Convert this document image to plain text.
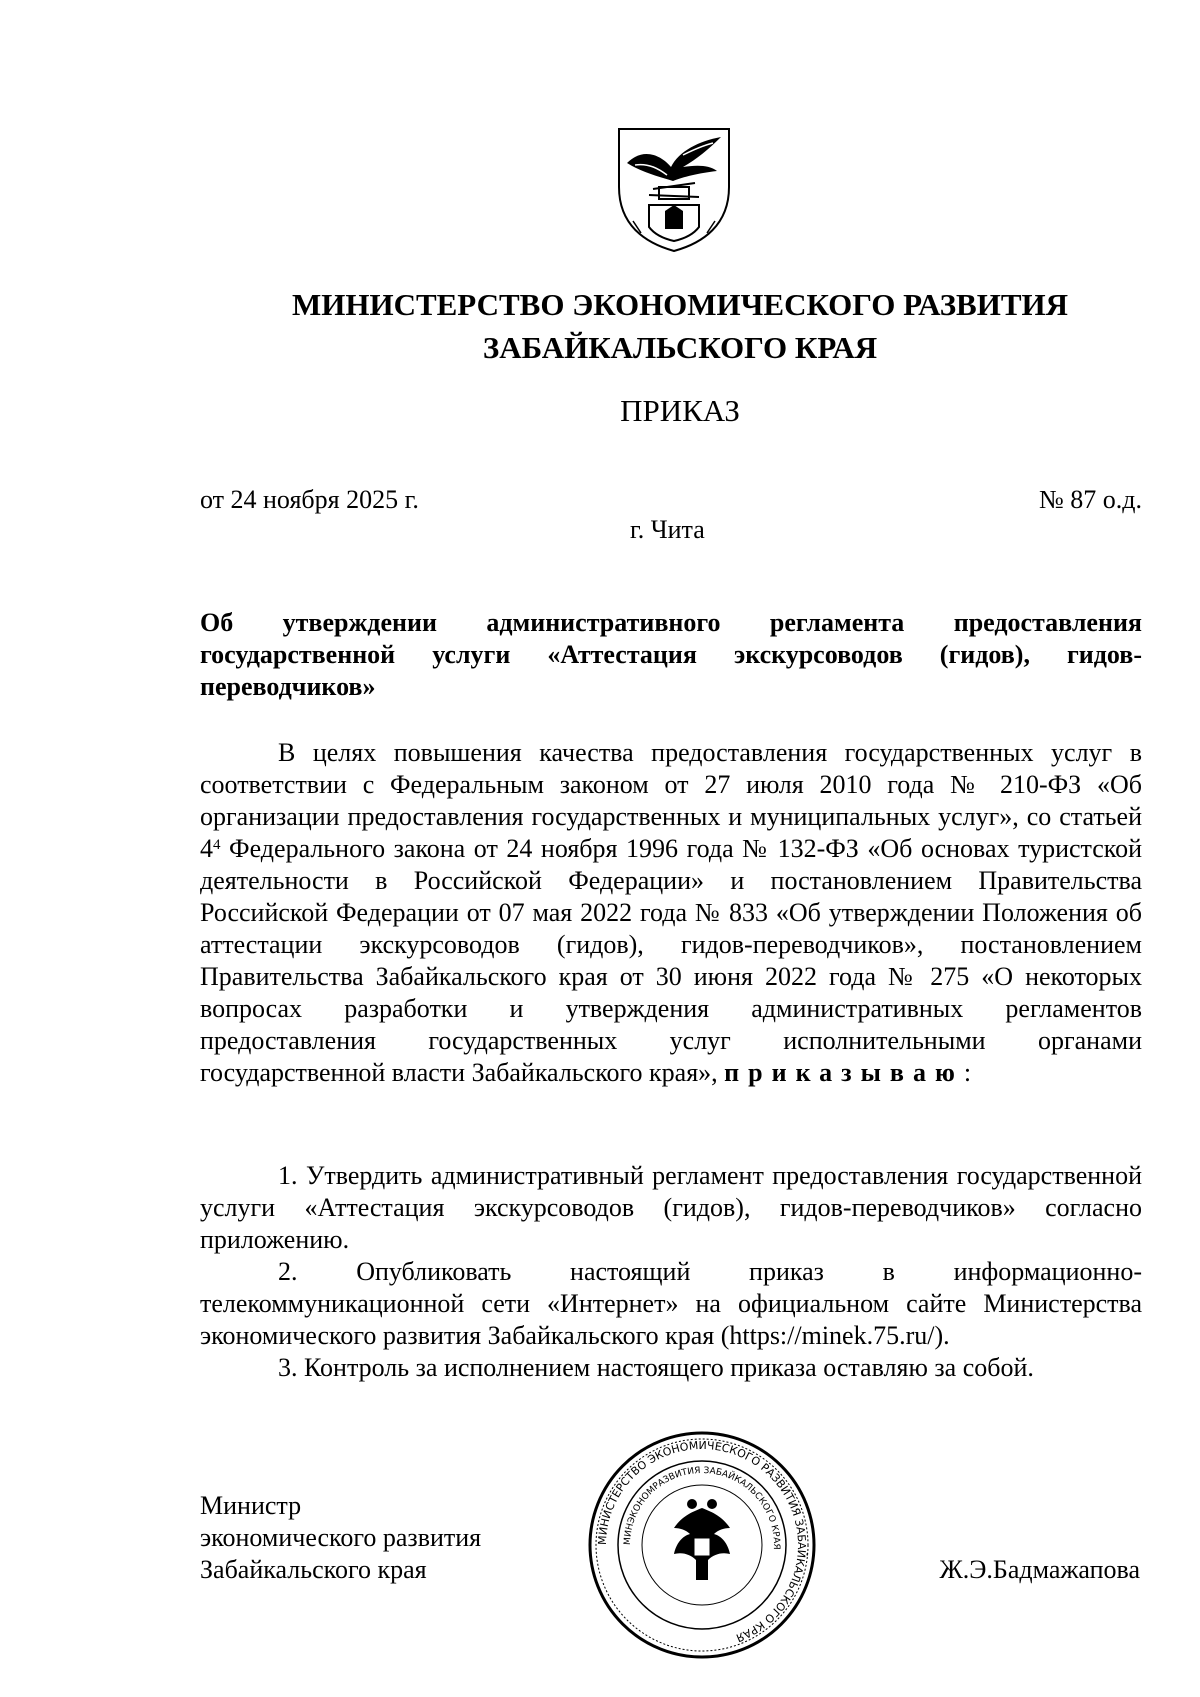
МИНИСТЕРСТВО ЭКОНОМИЧЕСКОГО РАЗВИТИЯ
ЗАБАЙКАЛЬСКОГО КРАЯ
ПРИКАЗ
от 24 ноября 2025 г.	№ 87 о.д.
г. Чита
Об утверждении административного регламента предоставления государственной услуги «Аттестация экскурсоводов (гидов), гидов-переводчиков»
В целях повышения качества предоставления государственных услуг в соответствии с Федеральным законом от 27 июля 2010 года № 210-ФЗ «Об организации предоставления государственных и муниципальных услуг», со статьей $4^4$ Федерального закона от 24 ноября 1996 года № 132-ФЗ «Об основах туристской деятельности в Российской Федерации» и постановлением Правительства Российской Федерации от 07 мая 2022 года № 833 «Об утверждении Положения об аттестации экскурсоводов (гидов), гидов-переводчиков», постановлением Правительства Забайкальского края от 30 июня 2022 года № 275 «О некоторых вопросах разработки и утверждения административных регламентов предоставления государственных услуг исполнительными органами государственной власти Забайкальского края», приказываю:

1. Утвердить административный регламент предоставления государственной услуги «Аттестация экскурсоводов (гидов), гидов-переводчиков» согласно приложению.

2. Опубликовать настоящий приказ в информационно-телекоммуникационной сети «Интернет» на официальном сайте Министерства экономического развития Забайкальского края (https://minek.75.ru/).

3. Контроль за исполнением настоящего приказа оставляю за собой.

Министр
экономического развития
Забайкальского края
МИНИСТЕРСТВО ЭКОНОМИЧЕСКОГО РАЗВИТИЯ ЗАБАЙКАЛЬСКОГО КРАЯ
МИНЭКОНОМРАЗВИТИЯ ЗАБАЙКАЛЬСКОГО КРАЯ
Ж.Э.Бадмажапова
